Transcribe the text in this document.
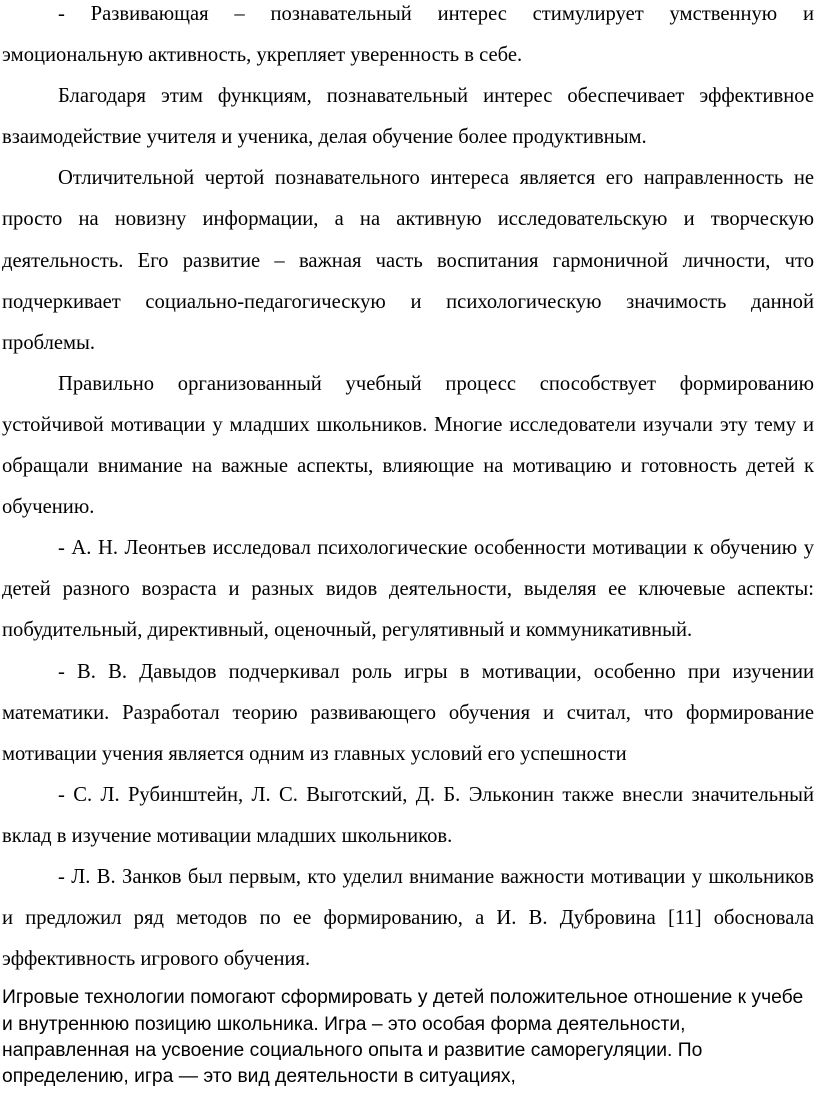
- Развивающая – познавательный интерес стимулирует умственную и эмоциональную активность, укрепляет уверенность в себе.

Благодаря этим функциям, познавательный интерес обеспечивает эффективное взаимодействие учителя и ученика, делая обучение более продуктивным.

Отличительной чертой познавательного интереса является его направленность не просто на новизну информации, а на активную исследовательскую и творческую деятельность. Его развитие – важная часть воспитания гармоничной личности, что подчеркивает социально-педагогическую и психологическую значимость данной проблемы.

Правильно организованный учебный процесс способствует формированию устойчивой мотивации у младших школьников. Многие исследователи изучали эту тему и обращали внимание на важные аспекты, влияющие на мотивацию и готовность детей к обучению.

- А. Н. Леонтьев исследовал психологические особенности мотивации к обучению у детей разного возраста и разных видов деятельности, выделяя ее ключевые аспекты: побудительный, директивный, оценочный, регулятивный и коммуникативный.

- В. В. Давыдов подчеркивал роль игры в мотивации, особенно при изучении математики. Разработал теорию развивающего обучения и считал, что формирование мотивации учения является одним из главных условий его успешности

- С. Л. Рубинштейн, Л. С. Выготский, Д. Б. Эльконин также внесли значительный вклад в изучение мотивации младших школьников.

- Л. В. Занков был первым, кто уделил внимание важности мотивации у школьников и предложил ряд методов по ее формированию, а И. В. Дубровина [11] обосновала эффективность игрового обучения.

Игровые технологии помогают сформировать у детей положительное отношение к учебе и внутреннюю позицию школьника. Игра – это особая форма деятельности, направленная на усвоение социального опыта и развитие саморегуляции. По определению, игра — это вид деятельности в ситуациях,
